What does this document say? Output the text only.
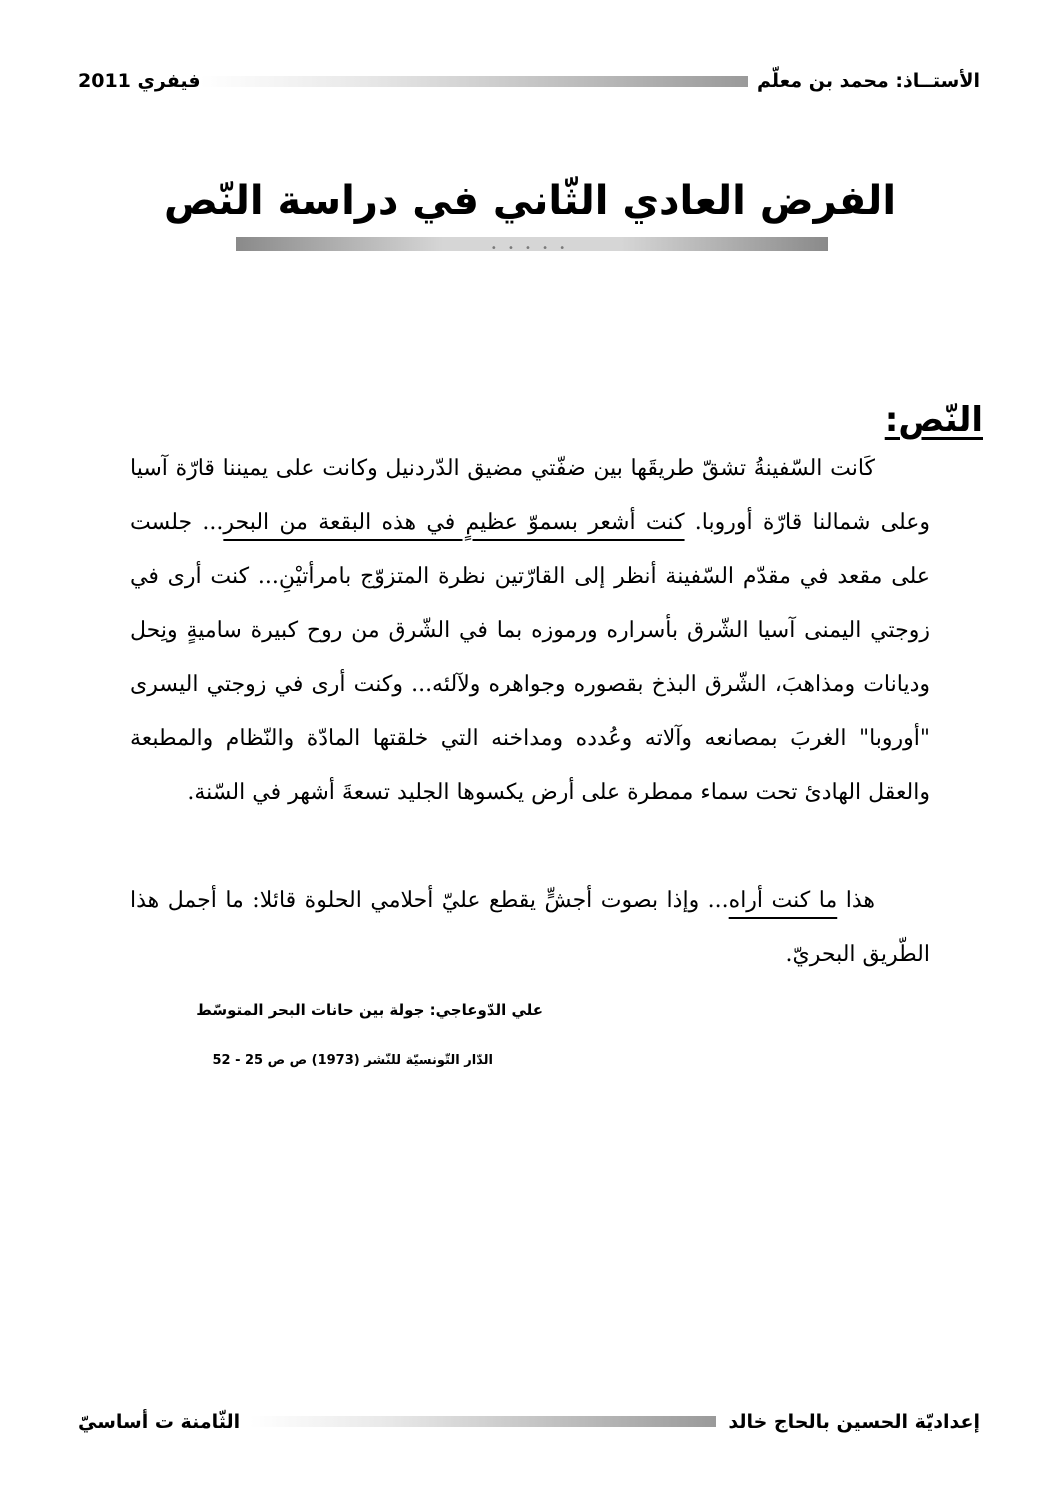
الأستــاذ: محمد بن معلّم
فيفري 2011
الفرض العادي الثّاني في دراسة النّص
• • • • •
النّص:
كَانت السّفينةُ تشقّ طريقَها بين ضفّتي مضيق الدّردنيل وكانت على يميننا قارّة آسيا وعلى شمالنا قارّة أوروبا. كنت أشعر بسموّ عظيمٍ في هذه البقعة من البحر... جلست على مقعد في مقدّم السّفينة أنظر إلى القارّتين نظرة المتزوّج بامرأتيْنِ... كنت أرى في زوجتي اليمنى آسيا الشّرق بأسراره ورموزه بما في الشّرق من روح كبيرة ساميةٍ ونِحل وديانات ومذاهبَ، الشّرق البذخ بقصوره وجواهره ولآلئه... وكنت أرى في زوجتي اليسرى "أوروبا" الغربَ بمصانعه وآلاته وعُدده ومداخنه التي خلقتها المادّة والنّظام والمطبعة والعقل الهادئ تحت سماء ممطرة على أرض يكسوها الجليد تسعةَ أشهر في السّنة.
هذا ما كنت أراه... وإذا بصوت أجشٍّ يقطع عليّ أحلامي الحلوة قائلا: ما أجمل هذا الطّريق البحريّ.
علي الدّوعاجي: جولة بين حانات البحر المتوسّط
الدّار التّونسيّة للنّشر (1973) ص ص 25 - 52
إعداديّة الحسين بالحاج خالد
الثّامنة ت أساسيّ
